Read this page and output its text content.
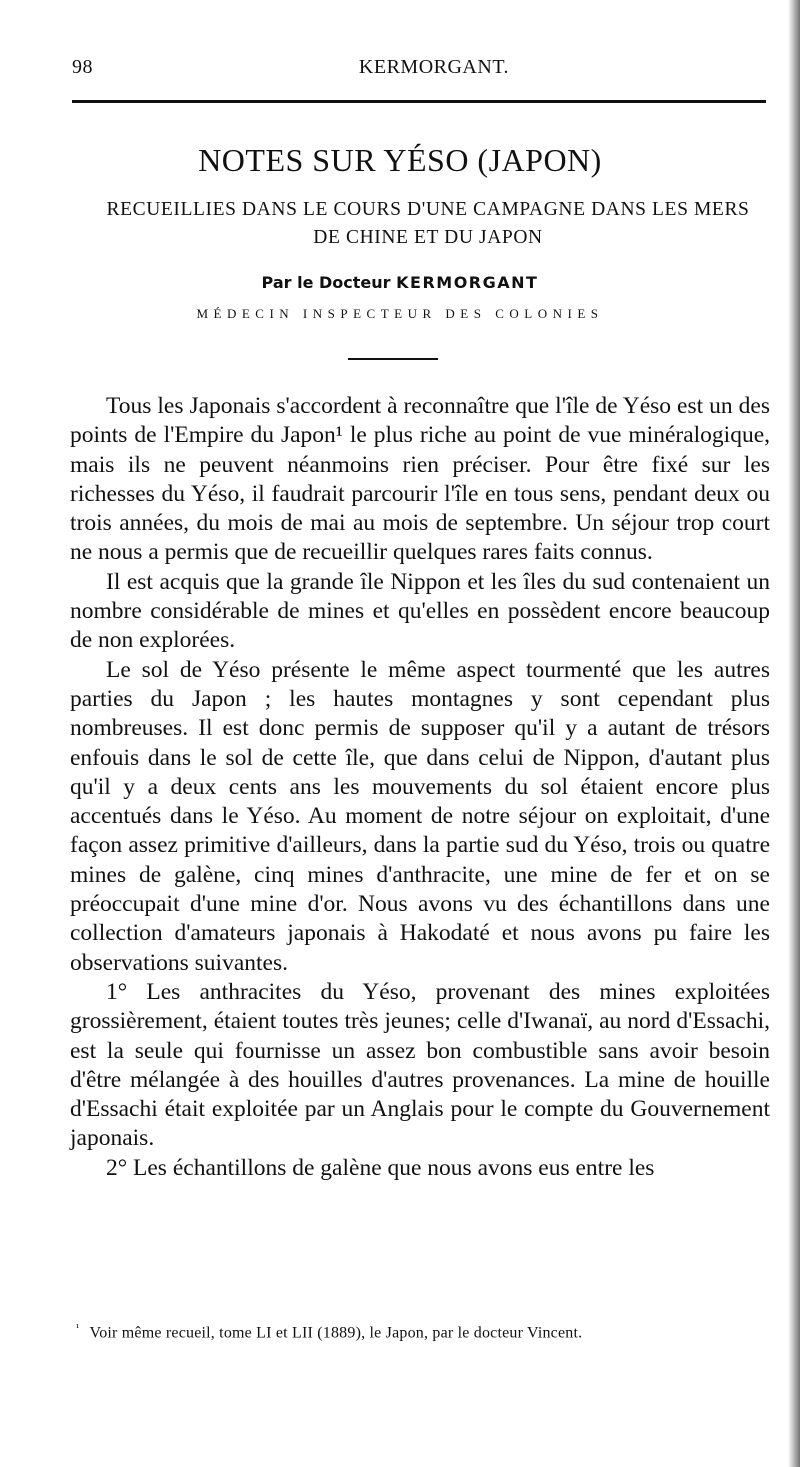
98	KERMORGANT.
NOTES SUR YÉSO (JAPON)
RECUEILLIES DANS LE COURS D'UNE CAMPAGNE DANS LES MERS DE CHINE ET DU JAPON
Par le Docteur KERMORGANT
MÉDECIN INSPECTEUR DES COLONIES

Tous les Japonais s'accordent à reconnaître que l'île de Yéso est un des points de l'Empire du Japon¹ le plus riche au point de vue minéralogique, mais ils ne peuvent néanmoins rien préciser. Pour être fixé sur les richesses du Yéso, il faudrait parcourir l'île en tous sens, pendant deux ou trois années, du mois de mai au mois de septembre. Un séjour trop court ne nous a permis que de recueillir quelques rares faits connus.

Il est acquis que la grande île Nippon et les îles du sud contenaient un nombre considérable de mines et qu'elles en possèdent encore beaucoup de non explorées.

Le sol de Yéso présente le même aspect tourmenté que les autres parties du Japon ; les hautes montagnes y sont cependant plus nombreuses. Il est donc permis de supposer qu'il y a autant de trésors enfouis dans le sol de cette île, que dans celui de Nippon, d'autant plus qu'il y a deux cents ans les mouvements du sol étaient encore plus accentués dans le Yéso. Au moment de notre séjour on exploitait, d'une façon assez primitive d'ailleurs, dans la partie sud du Yéso, trois ou quatre mines de galène, cinq mines d'anthracite, une mine de fer et on se préoccupait d'une mine d'or. Nous avons vu des échantillons dans une collection d'amateurs japonais à Hakodaté et nous avons pu faire les observations suivantes.

1° Les anthracites du Yéso, provenant des mines exploitées grossièrement, étaient toutes très jeunes; celle d'Iwanaï, au nord d'Essachi, est la seule qui fournisse un assez bon combustible sans avoir besoin d'être mélangée à des houilles d'autres provenances. La mine de houille d'Essachi était exploitée par un Anglais pour le compte du Gouvernement japonais.

2° Les échantillons de galène que nous avons eus entre les

$^{^1}$ Voir même recueil, tome LI et LII (1889), le Japon, par le docteur Vincent.
